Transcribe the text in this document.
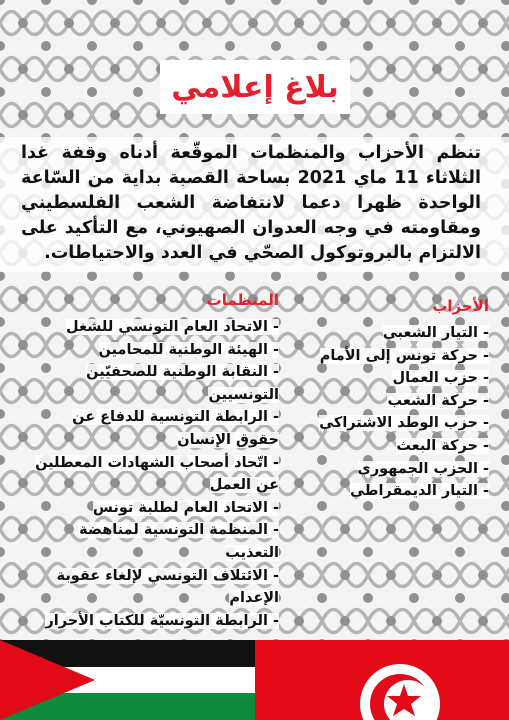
بلاغ إعلامي

تنظم الأحزاب والمنظمات الموقّعة أدناه وقفة غدا الثلاثاء 11 ماي 2021 بساحة القصبة بداية من السّاعة الواحدة ظهرا دعما لانتفاضة الشعب الفلسطيني ومقاومته في وجه العدوان الصهيوني، مع التأكيد على الالتزام بالبروتوكول الصحّي في العدد والاحتياطات.

الأحزاب

- التيار الشعبي
- حركة تونس إلى الأمام
- حزب العمال
- حركة الشعب
- حزب الوطد الاشتراكي
- حركة البعث
- الحزب الجمهوري
- التيار الديمقراطي

المنظمات

- الاتحاد العام التونسي للشغل
- الهيئة الوطنية للمحامين
- النقابة الوطنية للصحفيّين التونسيين
- الرابطة التونسية للدفاع عن حقوق الإنسان
- اتّحاد أصحاب الشهادات المعطلين عن العمل
- الاتحاد العام لطلبة تونس
- المنظمة التونسية لمناهضة التعذيب
- الائتلاف التونسي لإلغاء عقوبة الإعدام
- الرابطة التونسيّة للكتاب الأحرار
